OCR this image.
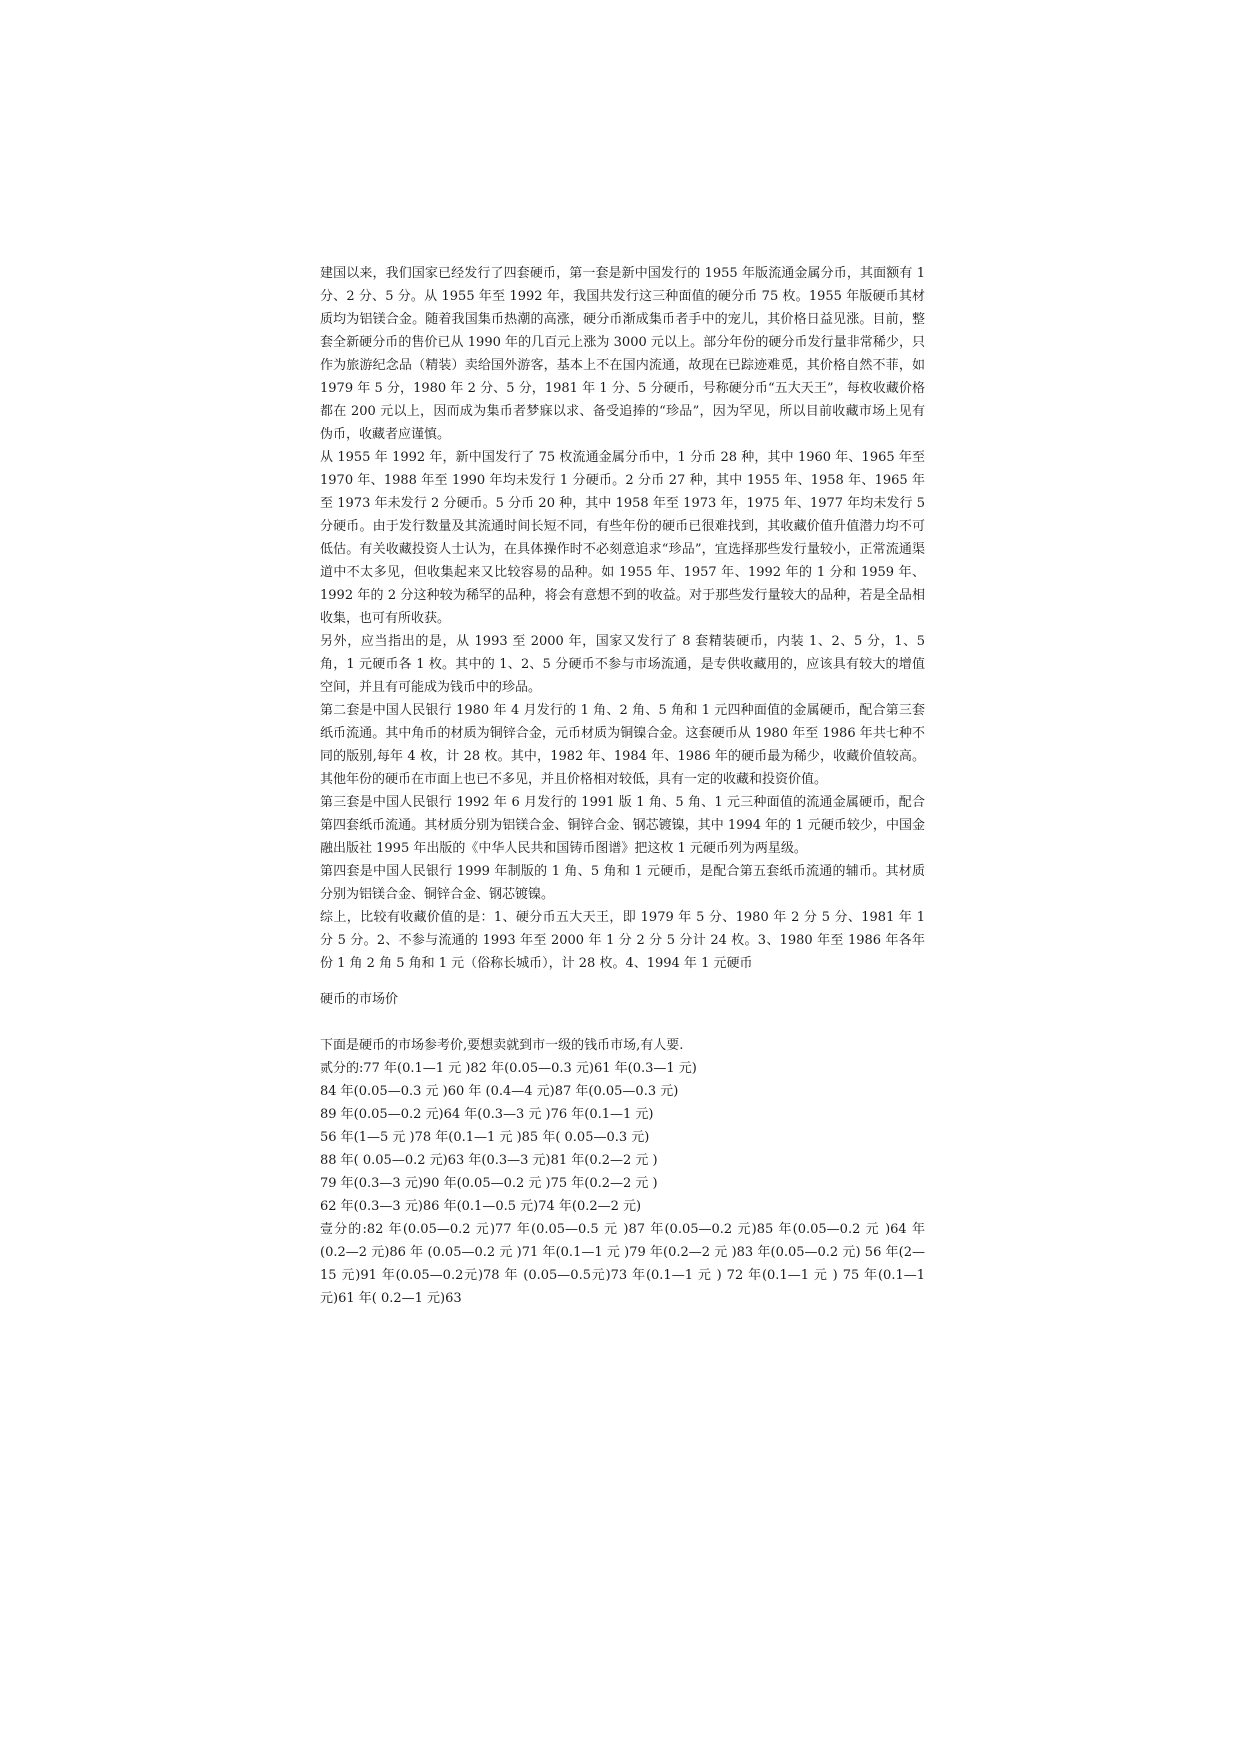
建国以来，我们国家已经发行了四套硬币，第一套是新中国发行的 1955 年版流通金属分币，其面额有 1 分、2 分、5 分。从 1955 年至 1992 年，我国共发行这三种面值的硬分币 75 枚。1955 年版硬币其材质均为铝镁合金。随着我国集币热潮的高涨，硬分币渐成集币者手中的宠儿，其价格日益见涨。目前，整套全新硬分币的售价已从 1990 年的几百元上涨为 3000 元以上。部分年份的硬分币发行量非常稀少，只作为旅游纪念品（精装）卖给国外游客，基本上不在国内流通，故现在已踪迹难觅，其价格自然不菲，如 1979 年 5 分，1980 年 2 分、5 分，1981 年 1 分、5 分硬币，号称硬分币“五大天王”，每枚收藏价格都在 200 元以上，因而成为集币者梦寐以求、备受追捧的“珍品”，因为罕见，所以目前收藏市场上见有伪币，收藏者应谨慎。

从 1955 年 1992 年，新中国发行了 75 枚流通金属分币中，1 分币 28 种，其中 1960 年、1965 年至 1970 年、1988 年至 1990 年均未发行 1 分硬币。2 分币 27 种，其中 1955 年、1958 年、1965 年至 1973 年未发行 2 分硬币。5 分币 20 种，其中 1958 年至 1973 年，1975 年、1977 年均未发行 5 分硬币。由于发行数量及其流通时间长短不同，有些年份的硬币已很难找到，其收藏价值升值潜力均不可低估。有关收藏投资人士认为，在具体操作时不必刻意追求“珍品”，宜选择那些发行量较小，正常流通渠道中不太多见，但收集起来又比较容易的品种。如 1955 年、1957 年、1992 年的 1 分和 1959 年、1992 年的 2 分这种较为稀罕的品种，将会有意想不到的收益。对于那些发行量较大的品种，若是全品相收集，也可有所收获。

另外，应当指出的是，从 1993 至 2000 年，国家又发行了 8 套精装硬币，内装 1、2、5 分，1、5 角，1 元硬币各 1 枚。其中的 1、2、5 分硬币不参与市场流通，是专供收藏用的，应该具有较大的增值空间，并且有可能成为钱币中的珍品。

第二套是中国人民银行 1980 年 4 月发行的 1 角、2 角、5 角和 1 元四种面值的金属硬币，配合第三套纸币流通。其中角币的材质为铜锌合金，元币材质为铜镍合金。这套硬币从 1980 年至 1986 年共七种不同的版别,每年 4 枚，计 28 枚。其中，1982 年、1984 年、1986 年的硬币最为稀少，收藏价值较高。其他年份的硬币在市面上也已不多见，并且价格相对较低，具有一定的收藏和投资价值。

第三套是中国人民银行 1992 年 6 月发行的 1991 版 1 角、5 角、1 元三种面值的流通金属硬币，配合第四套纸币流通。其材质分别为铝镁合金、铜锌合金、钢芯镀镍，其中 1994 年的 1 元硬币较少，中国金融出版社 1995 年出版的《中华人民共和国铸币图谱》把这枚 1 元硬币列为两星级。

第四套是中国人民银行 1999 年制版的 1 角、5 角和 1 元硬币，是配合第五套纸币流通的辅币。其材质分别为铝镁合金、铜锌合金、钢芯镀镍。

综上，比较有收藏价值的是：1、硬分币五大天王，即 1979 年 5 分、1980 年 2 分 5 分、1981 年 1 分 5 分。2、不参与流通的 1993 年至 2000 年 1 分 2 分 5 分计 24 枚。3、1980 年至 1986 年各年份 1 角 2 角 5 角和 1 元（俗称长城币），计 28 枚。4、1994 年 1 元硬币

硬币的市场价

下面是硬币的市场参考价,要想卖就到市一级的钱币市场,有人要.

贰分的:77 年(0.1—1 元 )82 年(0.05—0.3 元)61 年(0.3—1 元)

84 年(0.05—0.3 元 )60 年 (0.4—4 元)87 年(0.05—0.3 元)

89 年(0.05—0.2 元)64 年(0.3—3 元 )76 年(0.1—1 元)

56 年(1—5 元 )78 年(0.1—1 元 )85 年( 0.05—0.3 元)

88 年( 0.05—0.2 元)63 年(0.3—3 元)81 年(0.2—2 元 )

79 年(0.3—3 元)90 年(0.05—0.2 元 )75 年(0.2—2 元 )

62 年(0.3—3 元)86 年(0.1—0.5 元)74 年(0.2—2 元)

壹分的:82 年(0.05—0.2 元)77 年(0.05—0.5 元 )87 年(0.05—0.2 元)85 年(0.05—0.2 元 )64 年(0.2—2 元)86 年 (0.05—0.2 元 )71 年(0.1—1 元 )79 年(0.2—2 元 )83 年(0.05—0.2 元) 56 年(2—15 元)91 年(0.05—0.2元)78 年 (0.05—0.5元)73 年(0.1—1 元 ) 72 年(0.1—1 元 ) 75 年(0.1—1 元)61 年( 0.2—1 元)63
